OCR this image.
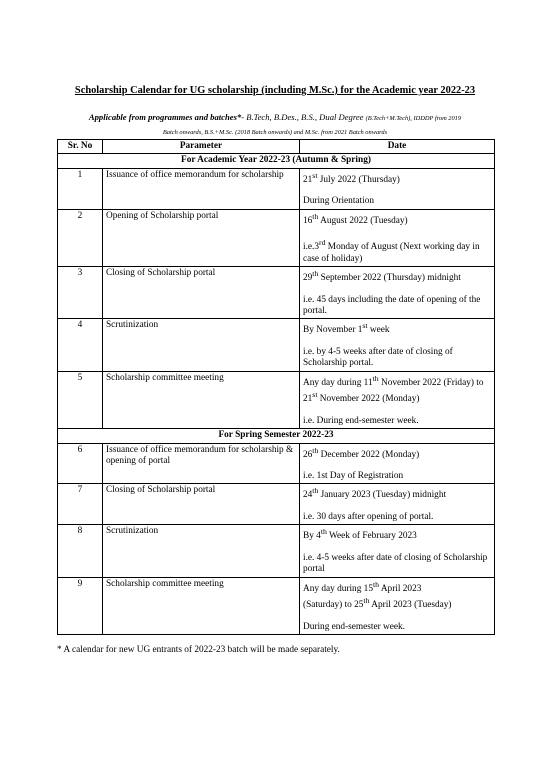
Scholarship Calendar for UG scholarship (including M.Sc.) for the Academic year 2022-23
Applicable from programmes and batches*- B.Tech, B.Des., B.S., Dual Degree (B.Tech+M.Tech), IDDDP from 2019
Batch onwards, B.S.+M.Sc. (2018 Batch onwards) and M.Sc. from 2021 Batch onwards
Sr. No	Parameter	Date
For Academic Year 2022-23 (Autumn & Spring)		
1	Issuance of office memorandum for scholarship	21st July 2022 (Thursday)
During Orientation
2	Opening of Scholarship portal	16th August 2022 (Tuesday)
i.e.3rd Monday of August (Next working day in case of holiday)
3	Closing of Scholarship portal	29th September 2022 (Thursday) midnight
i.e. 45 days including the date of opening of the portal.
4	Scrutinization	By November 1st week
i.e. by 4-5 weeks after date of closing of Scholarship portal.
5	Scholarship committee meeting	Any day during 11th November 2022 (Friday) to 21st November 2022 (Monday)
i.e. During end-semester week.
For Spring Semester 2022-23		
6	Issuance of office memorandum for scholarship & opening of portal	26th December 2022 (Monday)
i.e. 1st Day of Registration
7	Closing of Scholarship portal	24th January 2023 (Tuesday) midnight
i.e. 30 days after opening of portal.
8	Scrutinization	By 4th Week of February 2023
i.e. 4-5 weeks after date of closing of Scholarship portal
9	Scholarship committee meeting	Any day during 15th April 2023
(Saturday) to 25th April 2023 (Tuesday)
During end-semester week.
* A calendar for new UG entrants of 2022-23 batch will be made separately.
